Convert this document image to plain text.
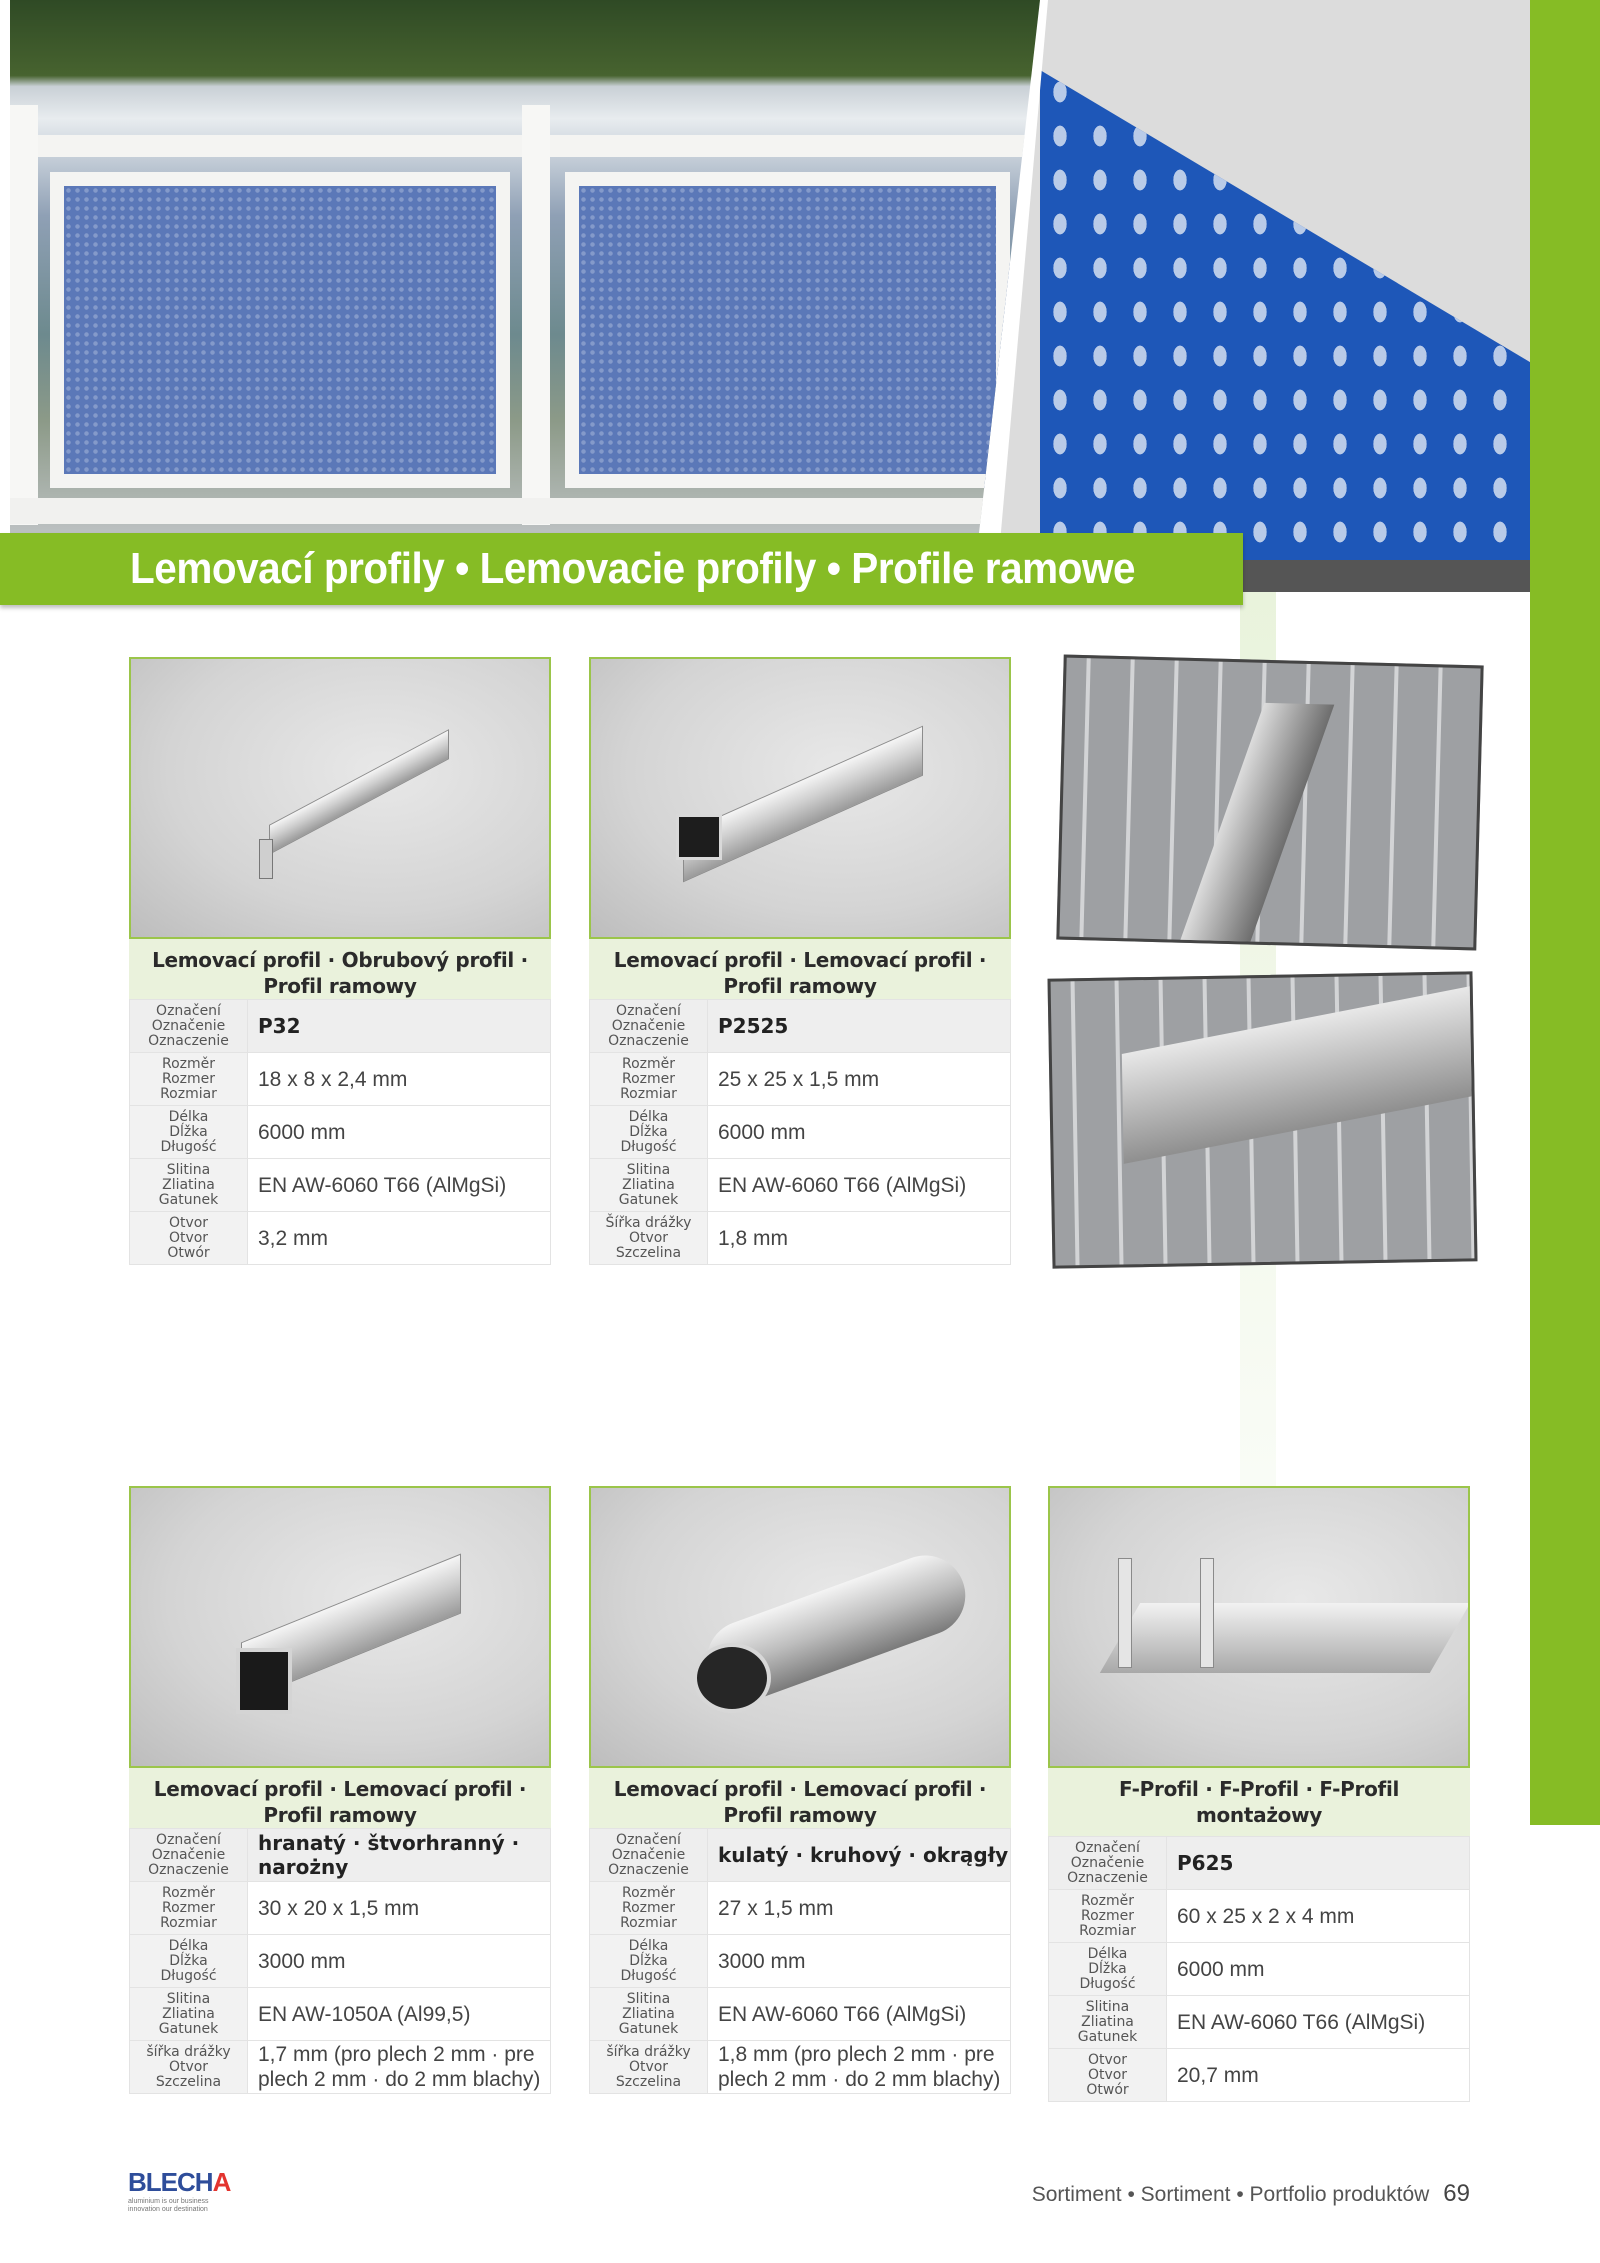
Lemovací profily • Lemovacie profily • Profile ramowe
Lemovací profil · Obrubový profil · Profil ramowy
Označení
Označenie
Oznaczenie	P32

Rozměr
Rozmer
Rozmiar	18 x 8 x 2,4 mm

Délka
Dĺžka
Długość	6000 mm

Slitina
Zliatina
Gatunek	EN AW-6060 T66 (AlMgSi)

Otvor
Otvor
Otwór	3,2 mm
Lemovací profil · Lemovací profil · Profil ramowy
Označení
Označenie
Oznaczenie	P2525

Rozměr
Rozmer
Rozmiar	25 x 25 x 1,5 mm

Délka
Dĺžka
Długość	6000 mm

Slitina
Zliatina
Gatunek	EN AW-6060 T66 (AlMgSi)

Šířka drážky
Otvor
Szczelina	1,8 mm
Lemovací profil · Lemovací profil · Profil ramowy
Označení
Označenie
Oznaczenie	hranatý · štvorhranný · narożny

Rozměr
Rozmer
Rozmiar	30 x 20 x 1,5 mm

Délka
Dĺžka
Długość	3000 mm

Slitina
Zliatina
Gatunek	EN AW-1050A (Al99,5)

šířka drážky
Otvor
Szczelina	1,7 mm (pro plech 2 mm · pre plech 2 mm · do 2 mm blachy)
Lemovací profil · Lemovací profil · Profil ramowy
Označení
Označenie
Oznaczenie	kulatý · kruhový · okrągły

Rozměr
Rozmer
Rozmiar	27 x 1,5 mm

Délka
Dĺžka
Długość	3000 mm

Slitina
Zliatina
Gatunek	EN AW-6060 T66 (AlMgSi)

šířka drážky
Otvor
Szczelina	1,8 mm (pro plech 2 mm · pre plech 2 mm · do 2 mm blachy)
F-Profil · F-Profil · F-Profil montażowy
Označení
Označenie
Oznaczenie	P625

Rozměr
Rozmer
Rozmiar	60 x 25 x 2 x 4 mm

Délka
Dĺžka
Długość	6000 mm

Slitina
Zliatina
Gatunek	EN AW-6060 T66 (AlMgSi)

Otvor
Otvor
Otwór	20,7 mm
BLECHA
aluminium is our business
innovation our destination
Sortiment • Sortiment • Portfolio produktów 69
